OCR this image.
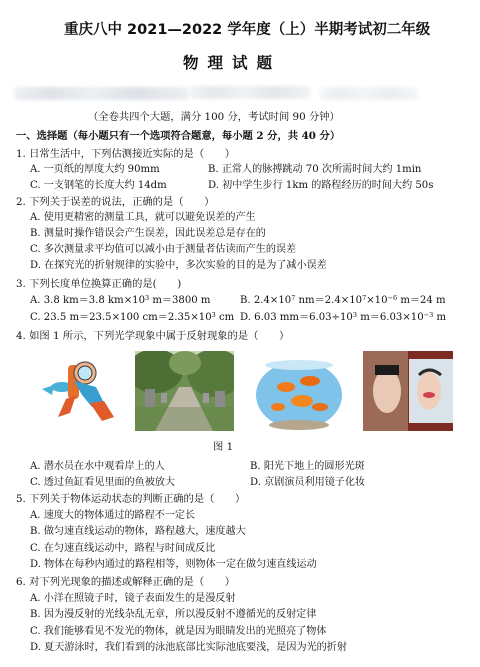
重庆八中 2021—2022 学年度（上）半期考试初二年级
物理试题
（全卷共四个大题，满分 100 分，考试时间 90 分钟）
一、选择题（每小题只有一个选项符合题意，每小题 2 分，共 40 分）
1. 日常生活中，下列估测接近实际的是（　　）
A. 一页纸的厚度大约 90mm	B. 正常人的脉搏跳动 70 次所需时间大约 1min
C. 一支钢笔的长度大约 14dm	D. 初中学生步行 1km 的路程经历的时间大约 50s
2. 下列关于误差的说法，正确的是（　　）
A. 使用更精密的测量工具，就可以避免误差的产生
B. 测量时操作错误会产生误差，因此误差总是存在的
C. 多次测量求平均值可以减小由于测量者估读而产生的误差
D. 在探究光的折射规律的实验中，多次实验的目的是为了减小误差
3. 下列长度单位换算正确的是(　　)
A. 3.8 km＝3.8 $km\times 10^3$ m＝3800 m	B. $2.4\times 10^7$ $nm=2.4\times 10^7\times 10^{-6}$ m＝24 m
C. 23.5 m＝23.5×100 $cm=2.35\times 10^3$ cm D. 6.03 $mm=6.03\div 10^3$ $m=6.03\times 10^{-3}$ m
4. 如图 1 所示，下列光学现象中属于反射现象的是（　　）
图 1
A. 潜水员在水中观看岸上的人	B. 阳光下地上的圆形光斑
C. 透过鱼缸看见里面的鱼被放大	D. 京剧演员利用镜子化妆
5. 下列关于物体运动状态的判断正确的是（　　）
A. 速度大的物体通过的路程不一定长
B. 做匀速直线运动的物体，路程越大，速度越大
C. 在匀速直线运动中，路程与时间成反比
D. 物体在每秒内通过的路程相等，则物体一定在做匀速直线运动
6. 对下列光现象的描述或解释正确的是（　　）
A. 小洋在照镜子时，镜子表面发生的是漫反射
B. 因为漫反射的光线杂乱无章，所以漫反射不遵循光的反射定律
C. 我们能够看见不发光的物体，就是因为眼睛发出的光照亮了物体
D. 夏天游泳时，我们看到的泳池底部比实际池底要浅，是因为光的折射
